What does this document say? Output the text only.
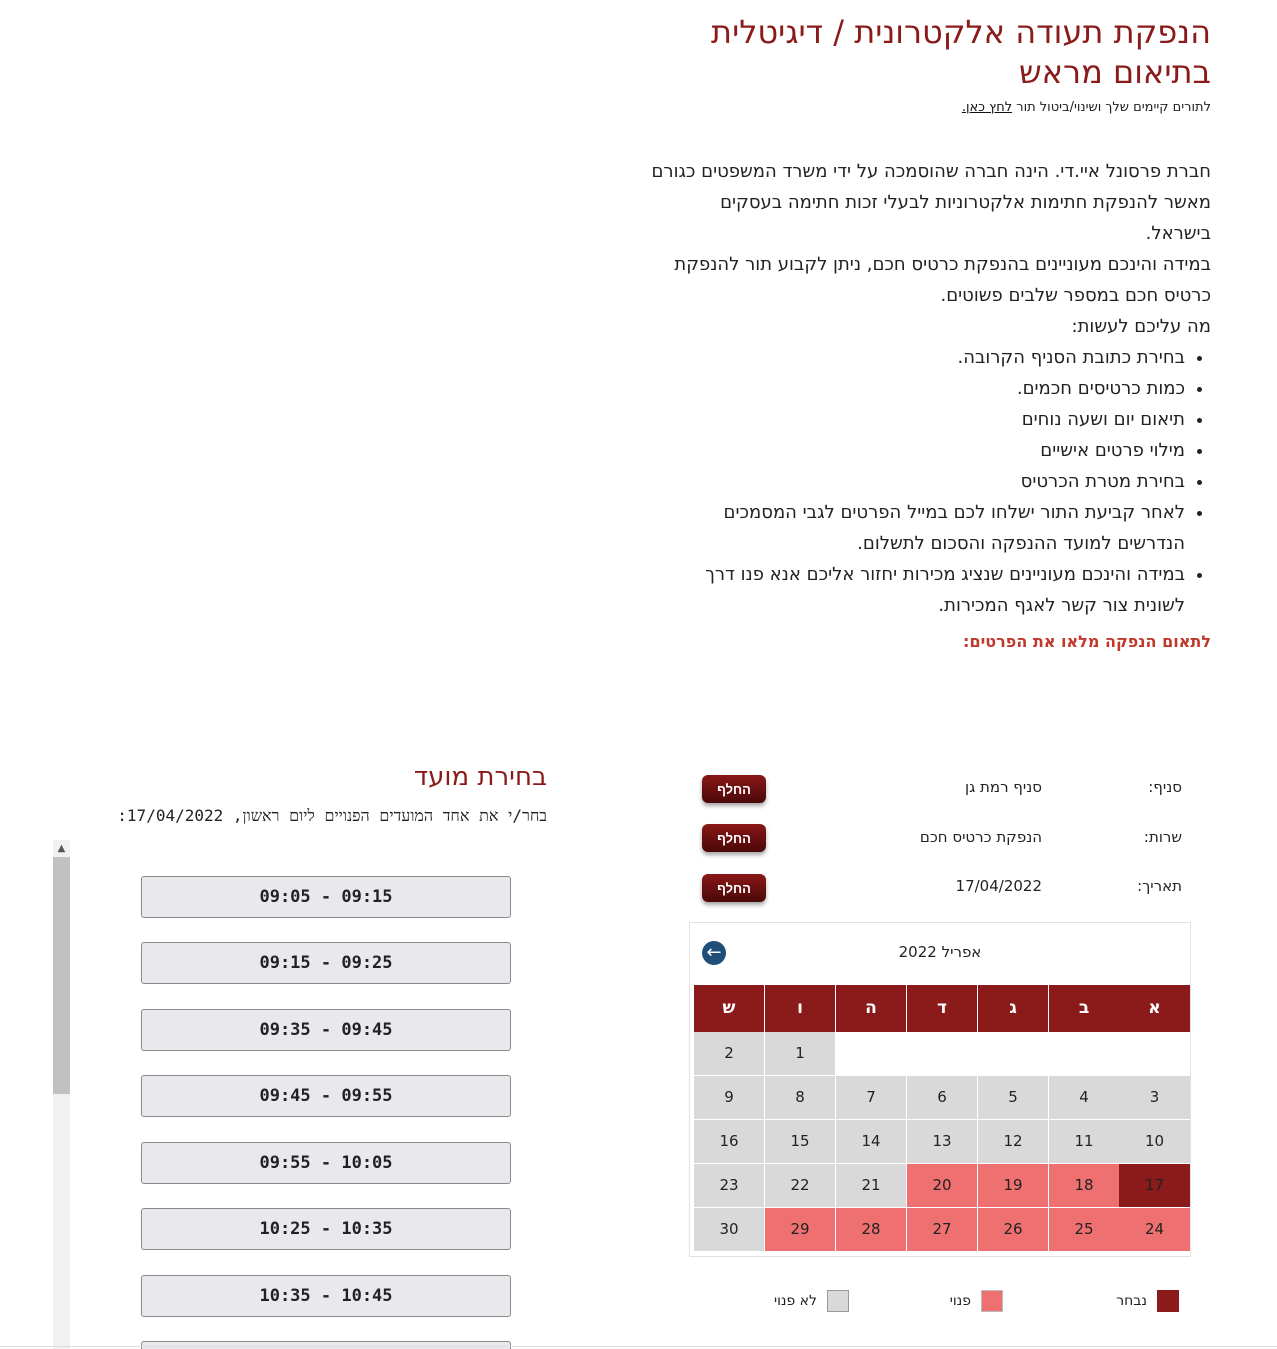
הנפקת תעודה אלקטרונית / דיגיטלית בתיאום מראש
לתורים קיימים שלך ושינוי/ביטול תור לחץ כאן.

חברת פרסונל איי.די. הינה חברה שהוסמכה על ידי משרד המשפטים כגורם מאשר להנפקת חתימות אלקטרוניות לבעלי זכות חתימה בעסקים בישראל.

במידה והינכם מעוניינים בהנפקת כרטיס חכם, ניתן לקבוע תור להנפקת כרטיס חכם במספר שלבים פשוטים.

מה עליכם לעשות:

• בחירת כתובת הסניף הקרובה.
• כמות כרטיסים חכמים.
• תיאום יום ושעה נוחים
• מילוי פרטים אישיים
• בחירת מטרת הכרטיס
• לאחר קביעת התור ישלחו לכם במייל הפרטים לגבי המסמכים הנדרשים למועד ההנפקה והסכום לתשלום.
• במידה והינכם מעוניינים שנציג מכירות יחזור אליכם אנא פנו דרך לשונית צור קשר לאגף המכירות.
לתאום הנפקה מלאו את הפרטים:
סניף:
סניף רמת גן
החלף
שרות:
הנפקת כרטיס חכם
החלף
תאריך:
17/04/2022
החלף
אפריל 2022
←
א
ב
ג
ד
ה
ו
ש
1
2
3
4
5
6
7
8
9
10
11
12
13
14
15
16
17
18
19
20
21
22
23
24
25
26
27
28
29
30
נבחר
פנוי
לא פנוי
בחירת מועד
בחר/י את אחד המועדים הפנויים ליום ראשון, 17/04/2022:
▲
09:05 - 09:15
09:15 - 09:25
09:35 - 09:45
09:45 - 09:55
09:55 - 10:05
10:25 - 10:35
10:35 - 10:45
